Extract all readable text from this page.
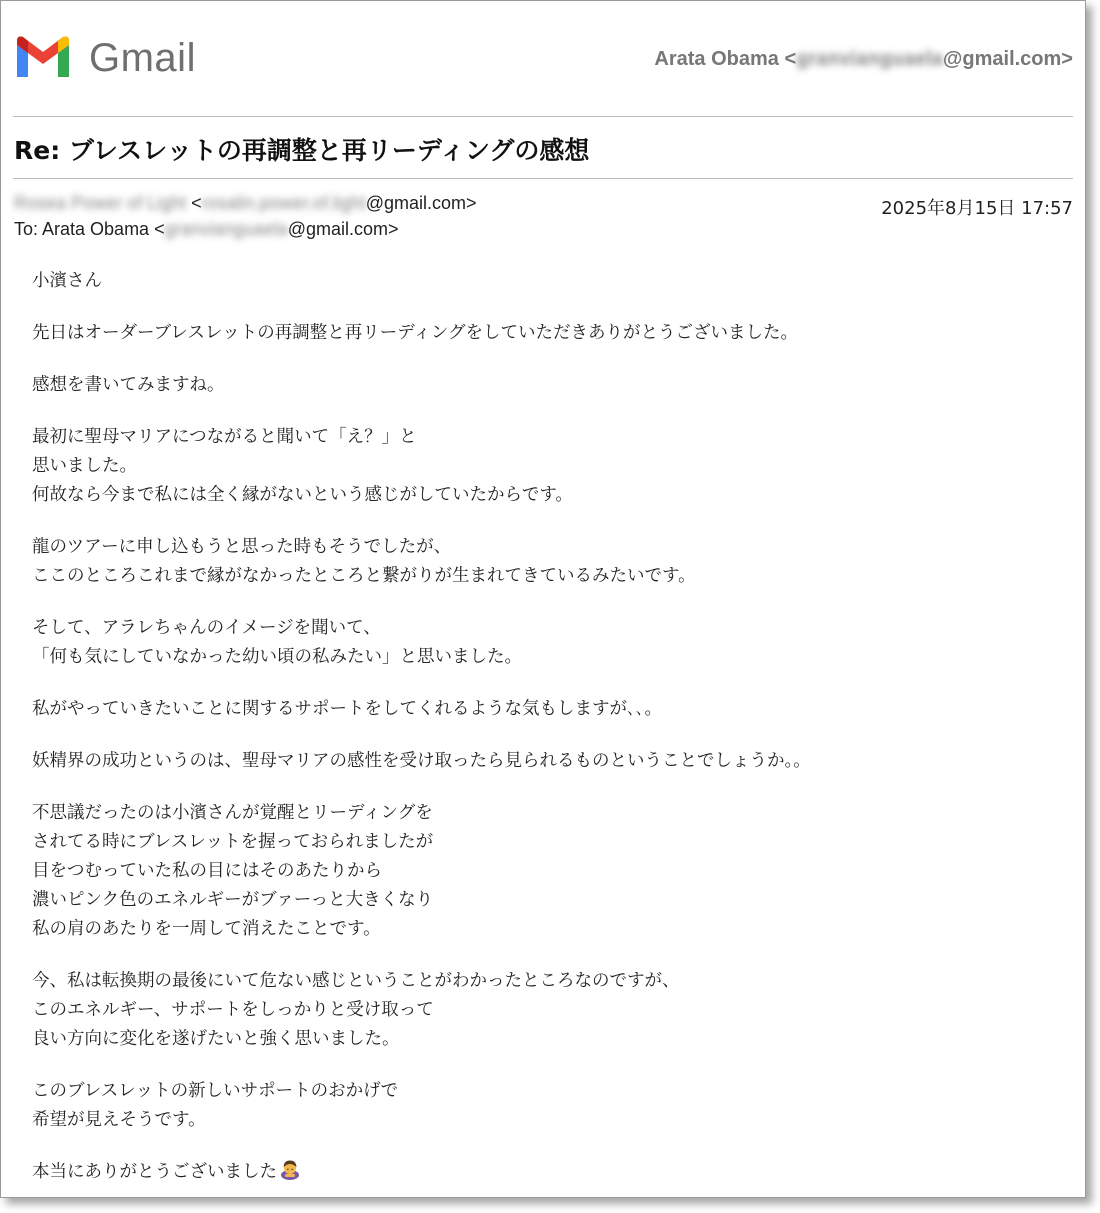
Gmail	Arata Obama <granvianguaela@gmail.com>
Re: ブレスレットの再調整と再リーディングの感想
Rosea Power of Light <rosalin.power.of.light@gmail.com>	2025年8月15日 17:57
To: Arata Obama <granvianguaela@gmail.com>
小濱さん
先日はオーダーブレスレットの再調整と再リーディングをしていただきありがとうございました。
感想を書いてみますね。
最初に聖母マリアにつながると聞いて「え？」と
思いました。
何故なら今まで私には全く縁がないという感じがしていたからです。
龍のツアーに申し込もうと思った時もそうでしたが、
ここのところこれまで縁がなかったところと繋がりが生まれてきているみたいです。
そして、アラレちゃんのイメージを聞いて、
「何も気にしていなかった幼い頃の私みたい」と思いました。
私がやっていきたいことに関するサポートをしてくれるような気もしますが､､。
妖精界の成功というのは、聖母マリアの感性を受け取ったら見られるものということでしょうか｡。
不思議だったのは小濱さんが覚醒とリーディングを
されてる時にブレスレットを握っておられましたが
目をつむっていた私の目にはそのあたりから
濃いピンク色のエネルギーがブァーっと大きくなり
私の肩のあたりを一周して消えたことです。
今、私は転換期の最後にいて危ない感じということがわかったところなのですが、
このエネルギー、サポートをしっかりと受け取って
良い方向に変化を遂げたいと強く思いました。
このブレスレットの新しいサポートのおかげで
希望が見えそうです。
本当にありがとうございました
